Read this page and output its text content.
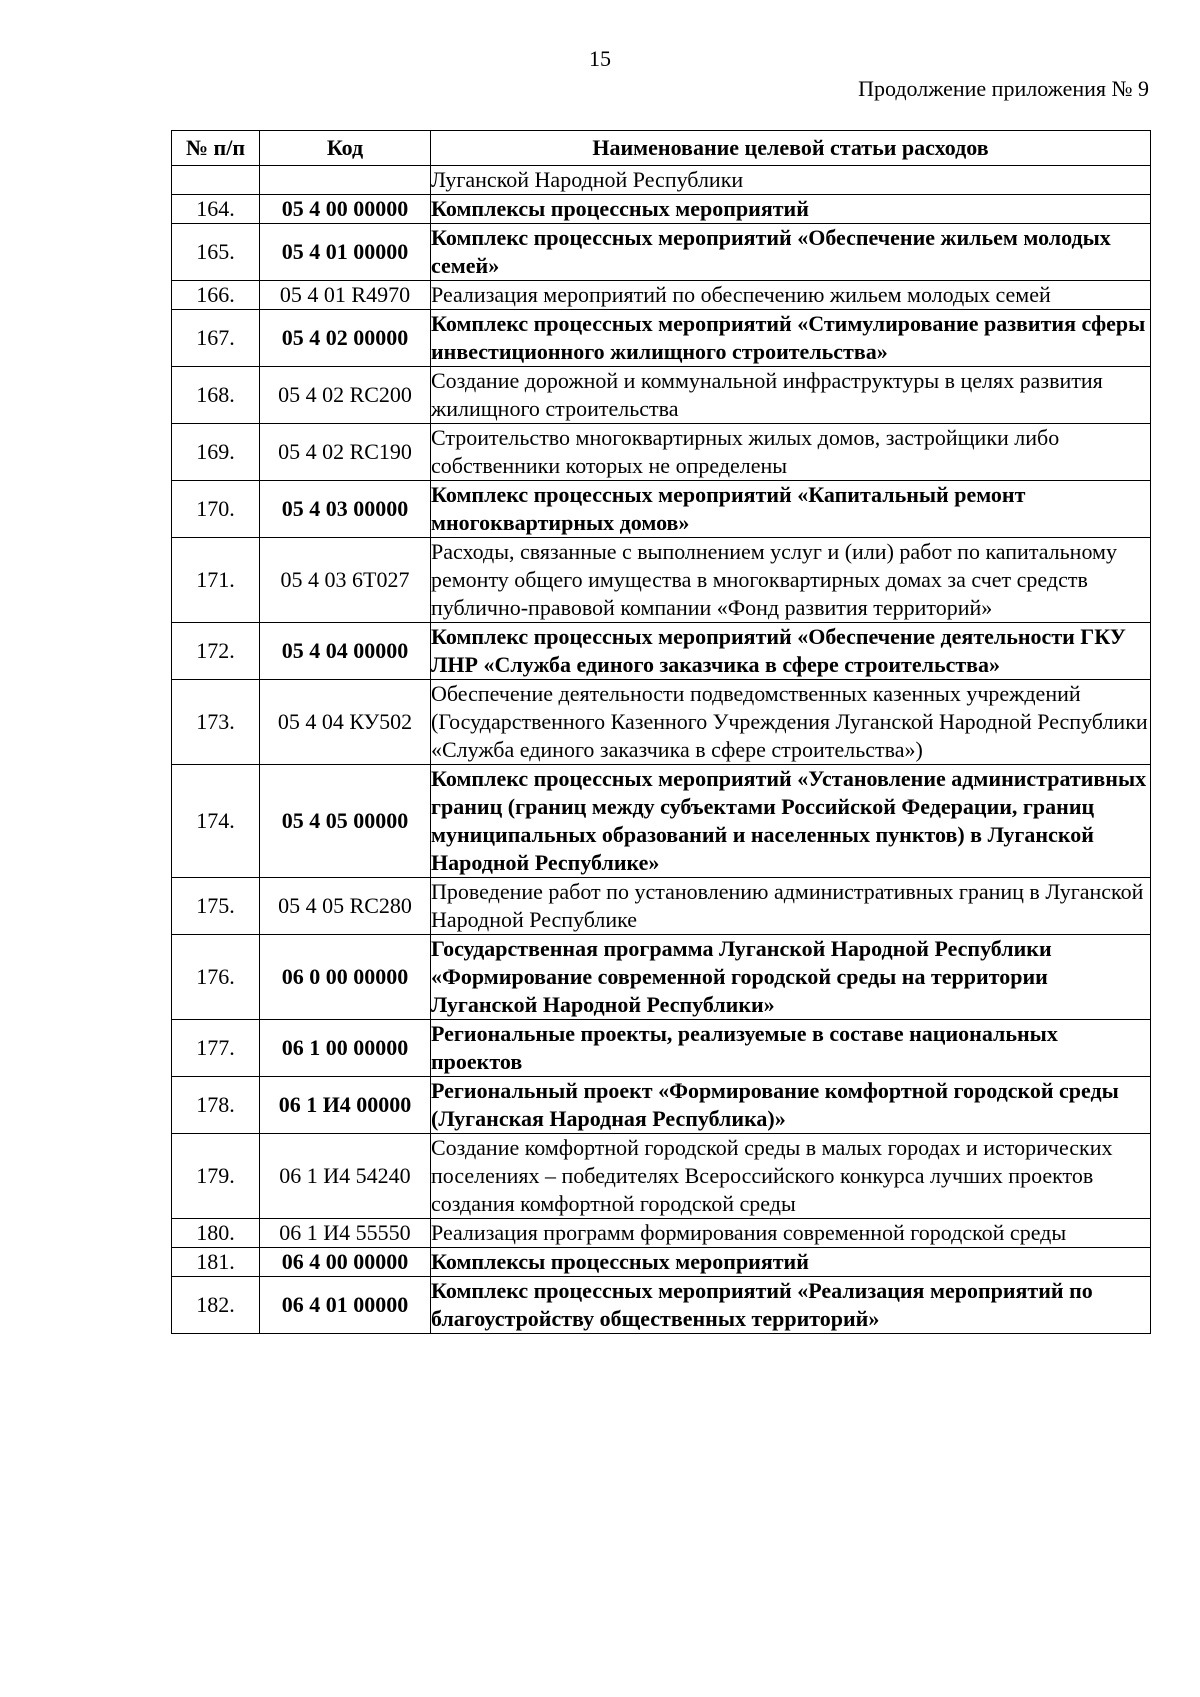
15
Продолжение приложения № 9
№ п/п	Код	Наименование целевой статьи расходов
		Луганской Народной Республики
164.	05 4 00 00000	Комплексы процессных мероприятий
165.	05 4 01 00000	Комплекс процессных мероприятий «Обеспечение жильем молодых семей»
166.	05 4 01 R4970	Реализация мероприятий по обеспечению жильем молодых семей
167.	05 4 02 00000	Комплекс процессных мероприятий «Стимулирование развития сферы инвестиционного жилищного строительства»
168.	05 4 02 RC200	Создание дорожной и коммунальной инфраструктуры в целях развития жилищного строительства
169.	05 4 02 RC190	Строительство многоквартирных жилых домов, застройщики либо собственники которых не определены
170.	05 4 03 00000	Комплекс процессных мероприятий «Капитальный ремонт многоквартирных домов»
171.	05 4 03 6Т027	Расходы, связанные с выполнением услуг и (или) работ по капитальному ремонту общего имущества в многоквартирных домах за счет средств публично-правовой компании «Фонд развития территорий»
172.	05 4 04 00000	Комплекс процессных мероприятий «Обеспечение деятельности ГКУ ЛНР «Служба единого заказчика в сфере строительства»
173.	05 4 04 КУ502	Обеспечение деятельности подведомственных казенных учреждений (Государственного Казенного Учреждения Луганской Народной Республики «Служба единого заказчика в сфере строительства»)
174.	05 4 05 00000	Комплекс процессных мероприятий «Установление административных границ (границ между субъектами Российской Федерации, границ муниципальных образований и населенных пунктов) в Луганской Народной Республике»
175.	05 4 05 RC280	Проведение работ по установлению административных границ в Луганской Народной Республике
176.	06 0 00 00000	Государственная программа Луганской Народной Республики «Формирование современной городской среды на территории Луганской Народной Республики»
177.	06 1 00 00000	Региональные проекты, реализуемые в составе национальных проектов
178.	06 1 И4 00000	Региональный проект «Формирование комфортной городской среды (Луганская Народная Республика)»
179.	06 1 И4 54240	Создание комфортной городской среды в малых городах и исторических поселениях – победителях Всероссийского конкурса лучших проектов создания комфортной городской среды
180.	06 1 И4 55550	Реализация программ формирования современной городской среды
181.	06 4 00 00000	Комплексы процессных мероприятий
182.	06 4 01 00000	Комплекс процессных мероприятий «Реализация мероприятий по благоустройству общественных территорий»
